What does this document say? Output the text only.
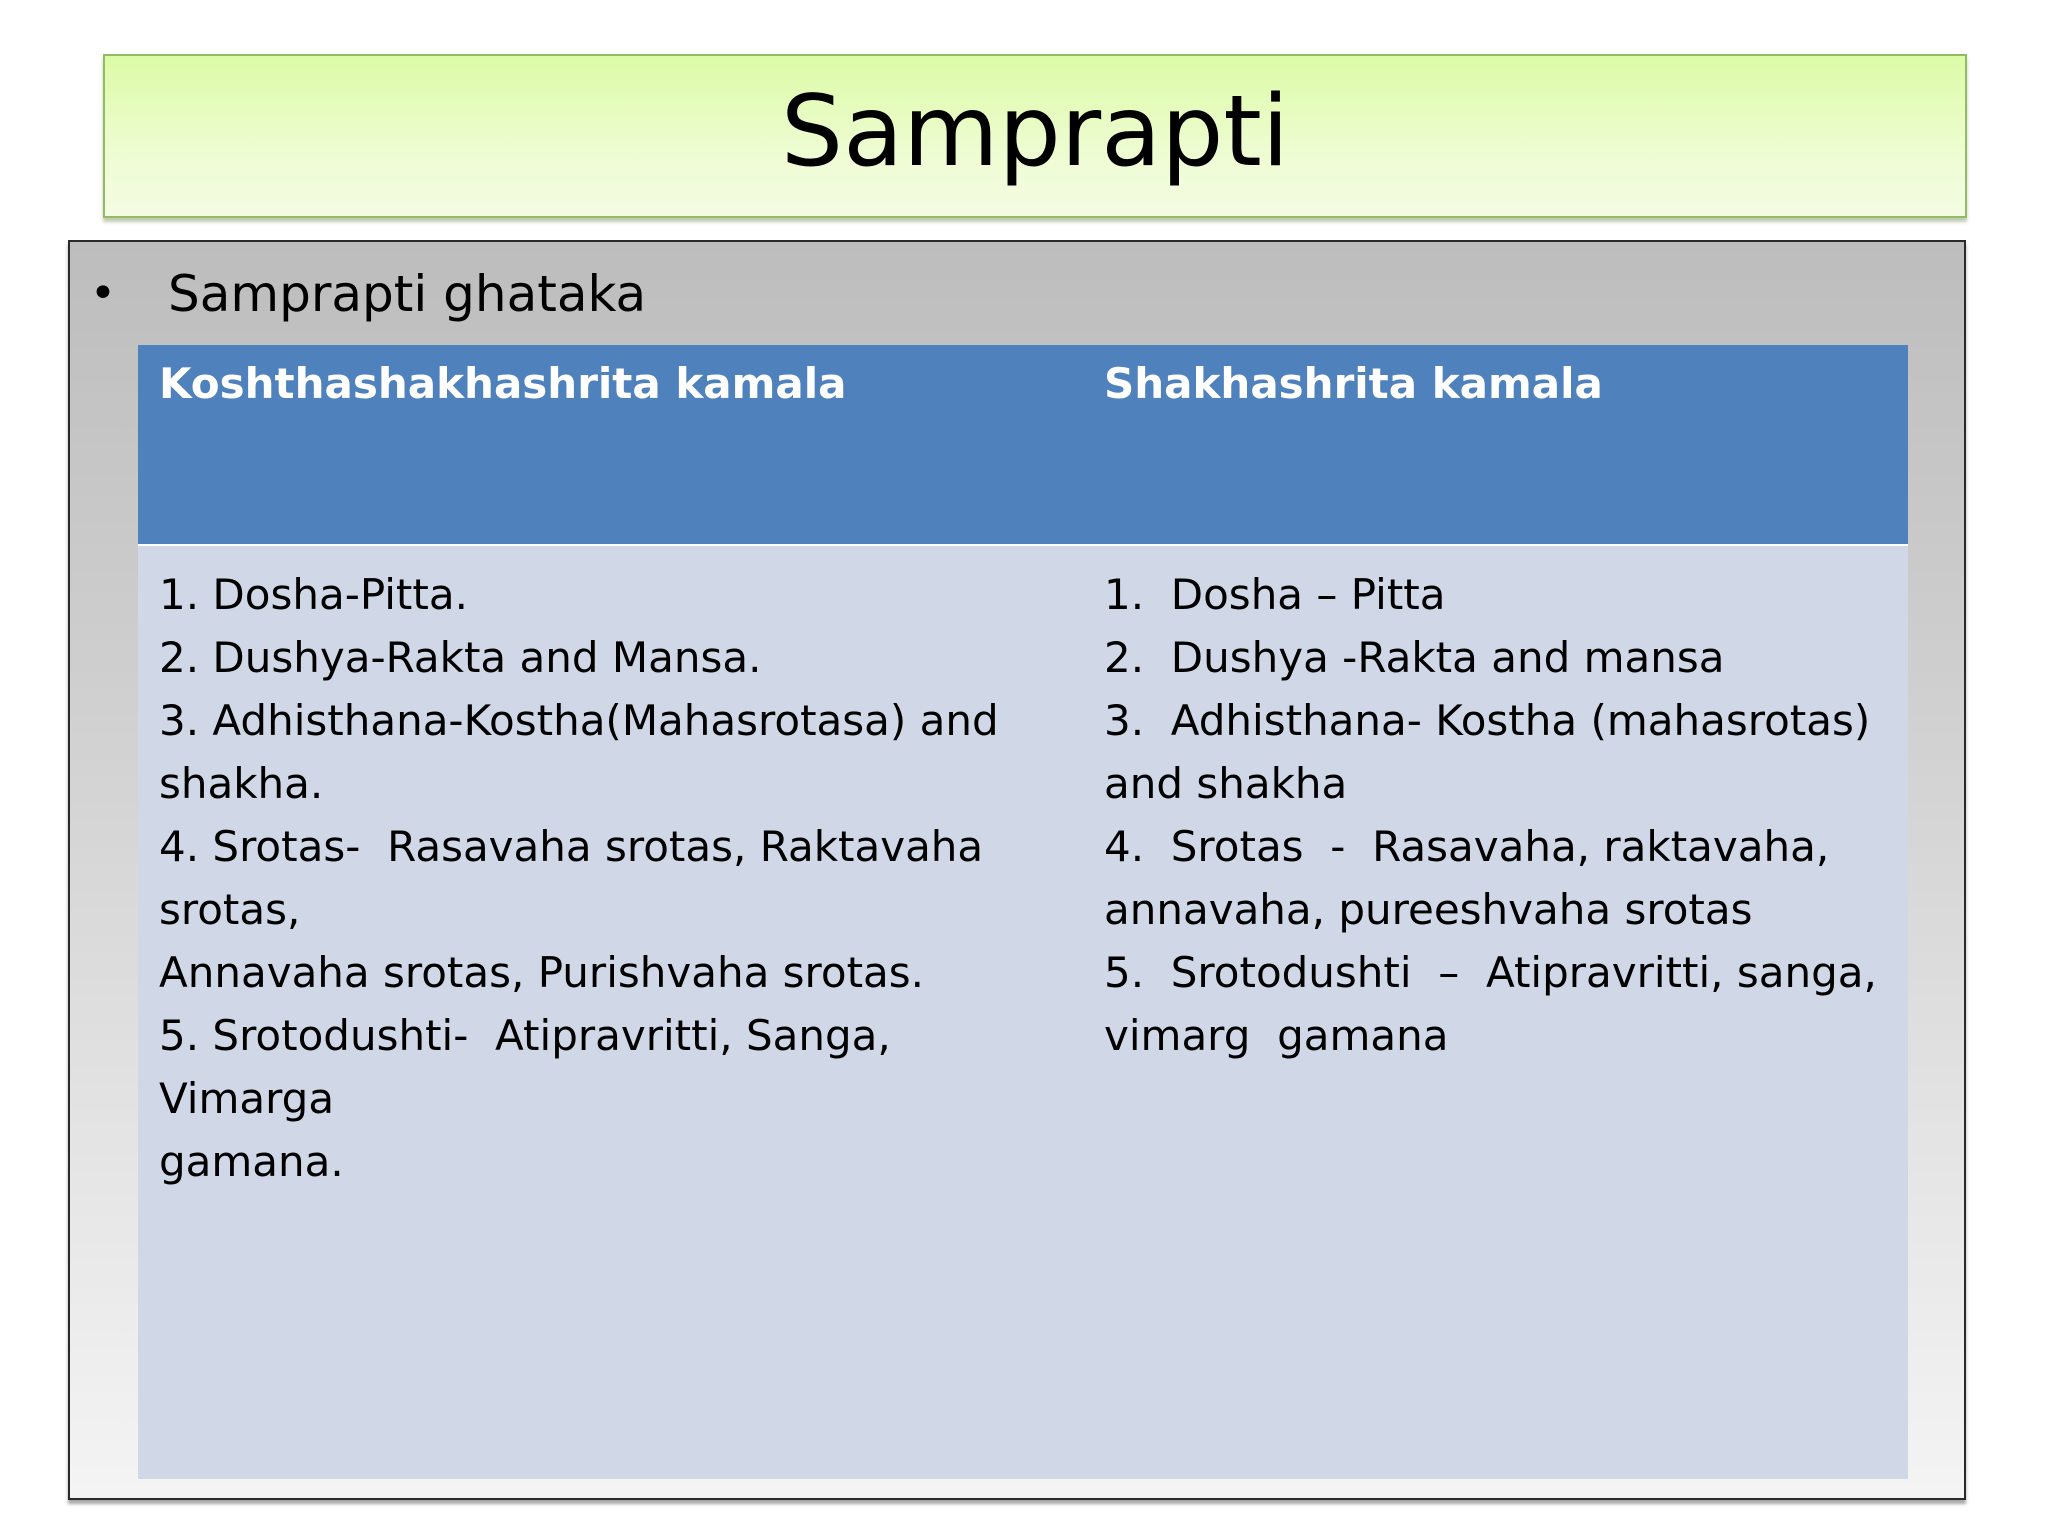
Samprapti
•	Samprapti ghataka
Koshthashakhashrita kamala	Shakhashrita kamala
1. Dosha-Pitta.
2. Dushya-Rakta and Mansa.
3. Adhisthana-Kostha(Mahasrotasa) and
shakha.
4. Srotas-  Rasavaha srotas, Raktavaha
srotas,
Annavaha srotas, Purishvaha srotas.
5. Srotodushti-  Atipravritti, Sanga,
Vimarga
gamana.
1.  Dosha – Pitta
2.  Dushya -Rakta and mansa
3.  Adhisthana- Kostha (mahasrotas)
and shakha
4.  Srotas  -  Rasavaha, raktavaha,
annavaha, pureeshvaha srotas
5.  Srotodushti  –  Atipravritti, sanga,
vimarg  gamana
